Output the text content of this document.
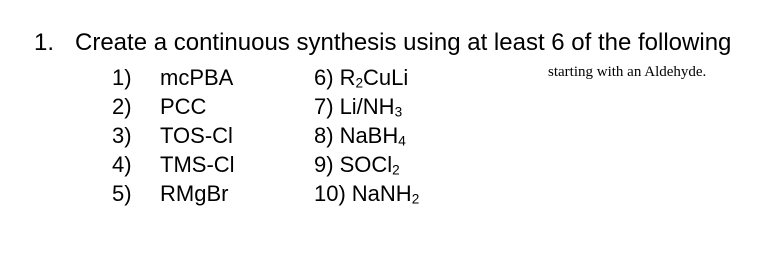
1. Create a continuous synthesis using at least 6 of the following
starting with an Aldehyde.
1) mcPBA
2) PCC
3) TOS-Cl
4) TMS-Cl
5) RMgBr
6) $R_2CuLi$
7) $Li/NH_3$
8) NaBH$_4$
9) SOCl$_2$
10) NaNH$_2$
